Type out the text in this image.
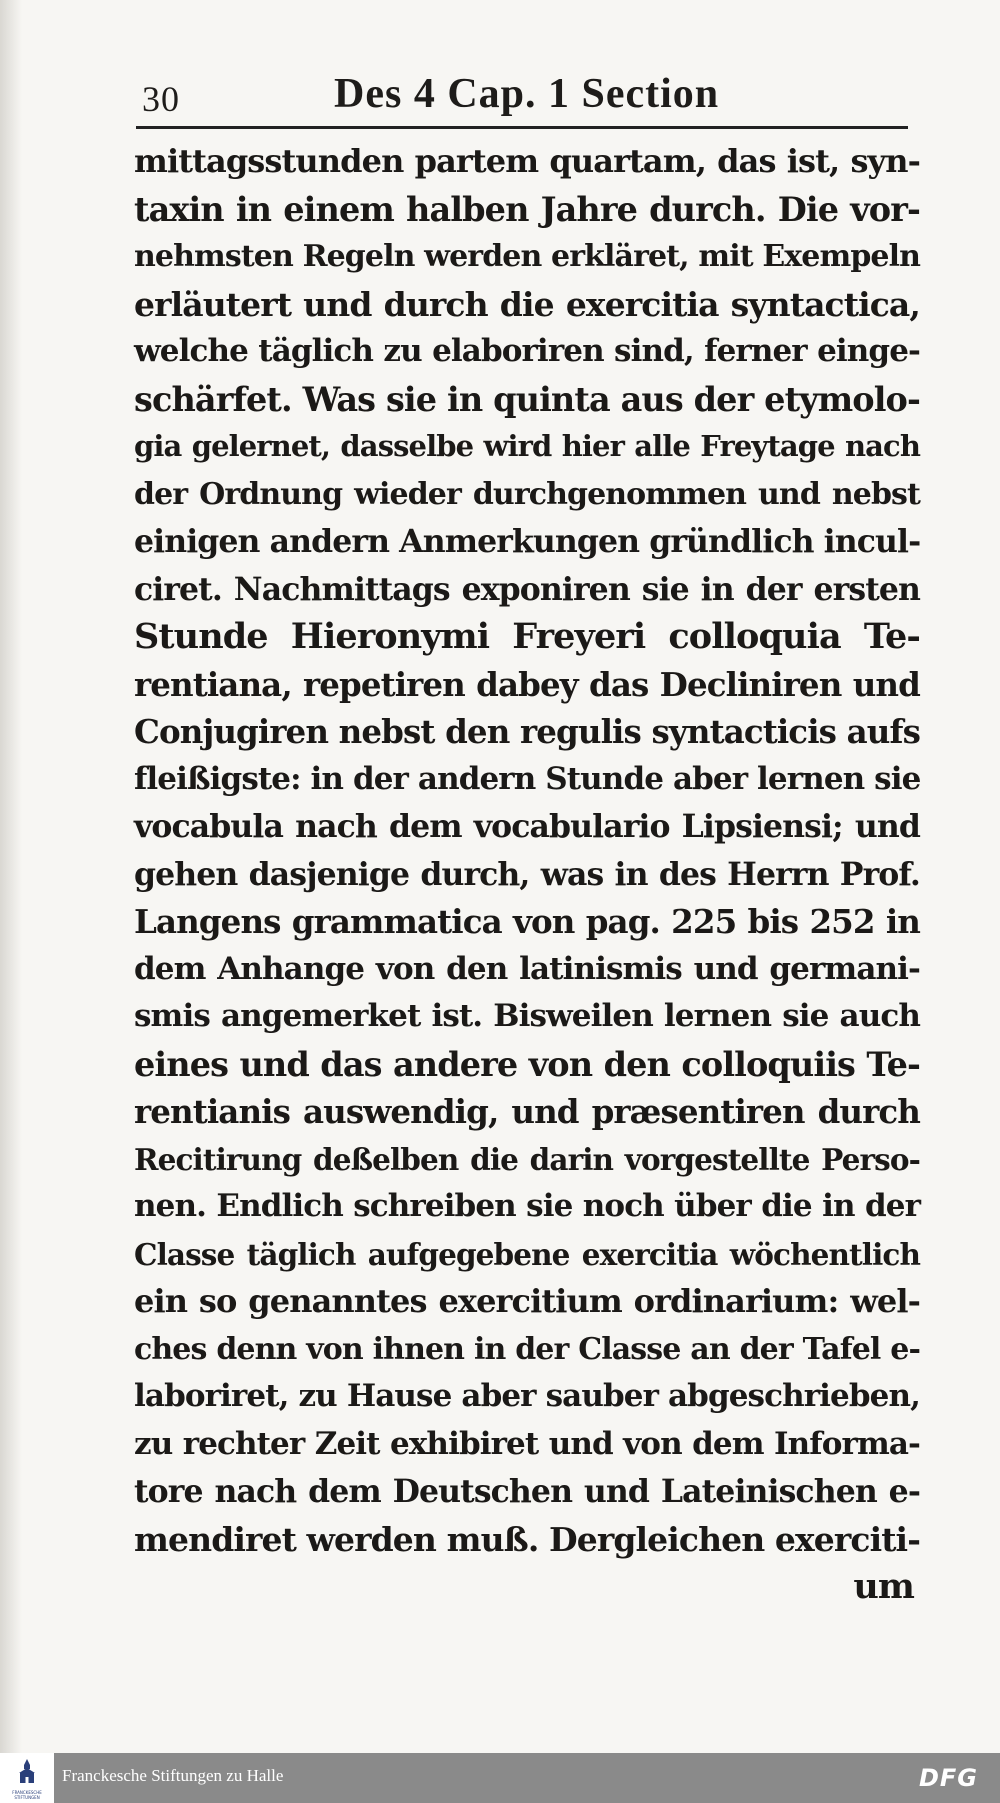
30	Des 4 Cap. 1 Section
mittagsstunden partem quartam, das ist, syn-
taxin in einem halben Jahre durch. Die vor-
nehmsten Regeln werden erkläret, mit Exempeln
erläutert und durch die exercitia syntactica,
welche täglich zu elaboriren sind, ferner einge-
schärfet. Was sie in quinta aus der etymolo-
gia gelernet, dasselbe wird hier alle Freytage nach
der Ordnung wieder durchgenommen und nebst
einigen andern Anmerkungen gründlich incul-
ciret. Nachmittags exponiren sie in der ersten
Stunde Hieronymi Freyeri colloquia Te-
rentiana, repetiren dabey das Decliniren und
Conjugiren nebst den regulis syntacticis aufs
fleißigste: in der andern Stunde aber lernen sie
vocabula nach dem vocabulario Lipsiensi; und
gehen dasjenige durch, was in des Herrn Prof.
Langens grammatica von pag. 225 bis 252 in
dem Anhange von den latinismis und germani-
smis angemerket ist. Bisweilen lernen sie auch
eines und das andere von den colloquiis Te-
rentianis auswendig, und præsentiren durch
Recitirung deßelben die darin vorgestellte Perso-
nen. Endlich schreiben sie noch über die in der
Classe täglich aufgegebene exercitia wöchentlich
ein so genanntes exercitium ordinarium: wel-
ches denn von ihnen in der Classe an der Tafel e-
laboriret, zu Hause aber sauber abgeschrieben,
zu rechter Zeit exhibiret und von dem Informa-
tore nach dem Deutschen und Lateinischen e-
mendiret werden muß. Dergleichen exerciti-
um
FRANCKESCHE STIFTUNGEN
Franckesche Stiftungen zu Halle	DFG
